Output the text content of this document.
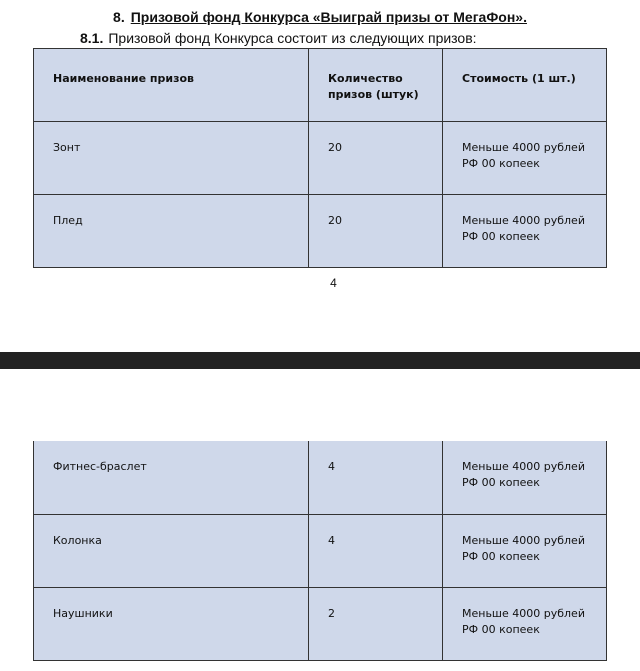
8. Призовой фонд Конкурса «Выиграй призы от МегаФон».
8.1. Призовой фонд Конкурса состоит из следующих призов:
Наименование призов	Количество призов (штук)	Стоимость (1 шт.)
Зонт	20	Меньше 4000 рублей РФ 00 копеек
Плед	20	Меньше 4000 рублей РФ 00 копеек
4
Фитнес-браслет	4	Меньше 4000 рублей РФ 00 копеек
Колонка	4	Меньше 4000 рублей РФ 00 копеек
Наушники	2	Меньше 4000 рублей РФ 00 копеек
